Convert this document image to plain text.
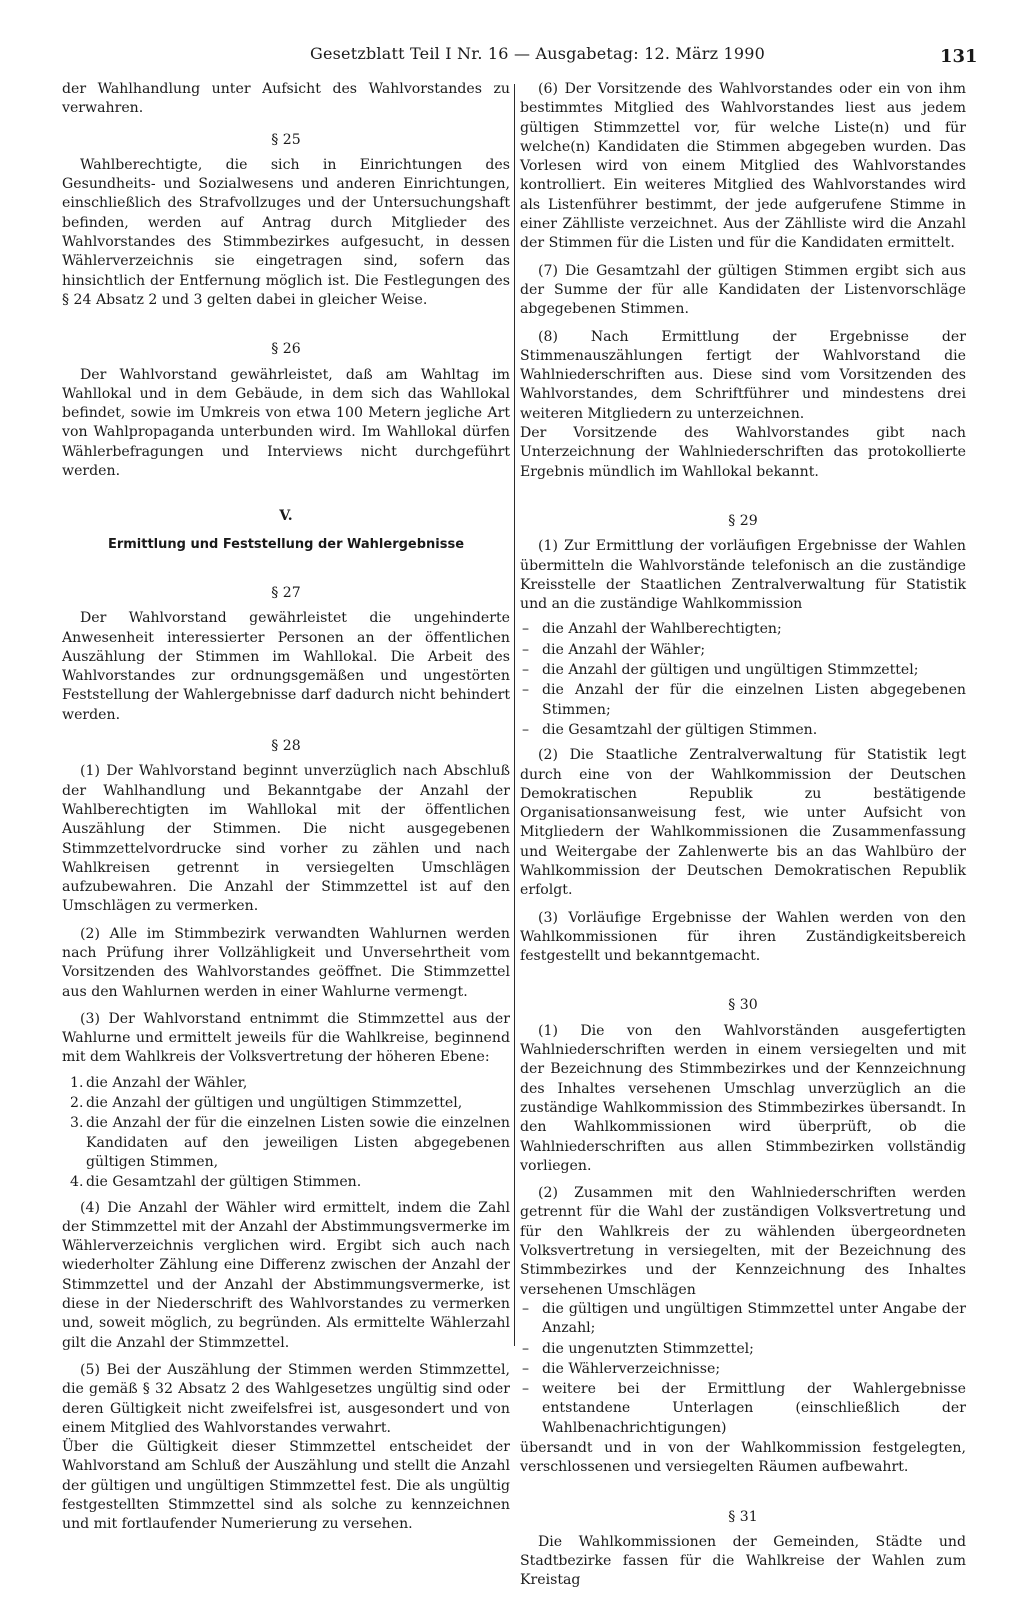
Gesetzblatt Teil I Nr. 16 — Ausgabetag: 12. März 1990	131

der Wahlhandlung unter Aufsicht des Wahlvorstandes zu verwahren.

§ 25

Wahlberechtigte, die sich in Einrichtungen des Gesundheits- und Sozialwesens und anderen Einrichtungen, einschließlich des Strafvollzuges und der Untersuchungshaft befinden, werden auf Antrag durch Mitglieder des Wahlvorstandes des Stimmbezirkes aufgesucht, in dessen Wählerverzeichnis sie eingetragen sind, sofern das hinsichtlich der Entfernung möglich ist. Die Festlegungen des § 24 Absatz 2 und 3 gelten dabei in gleicher Weise.

§ 26

Der Wahlvorstand gewährleistet, daß am Wahltag im Wahllokal und in dem Gebäude, in dem sich das Wahllokal befindet, sowie im Umkreis von etwa 100 Metern jegliche Art von Wahlpropaganda unterbunden wird. Im Wahllokal dürfen Wählerbefragungen und Interviews nicht durchgeführt werden.

V.
Ermittlung und Feststellung der Wahlergebnisse
§ 27

Der Wahlvorstand gewährleistet die ungehinderte Anwesenheit interessierter Personen an der öffentlichen Auszählung der Stimmen im Wahllokal. Die Arbeit des Wahlvorstandes zur ordnungsgemäßen und ungestörten Feststellung der Wahlergebnisse darf dadurch nicht behindert werden.

§ 28

(1) Der Wahlvorstand beginnt unverzüglich nach Abschluß der Wahlhandlung und Bekanntgabe der Anzahl der Wahlberechtigten im Wahllokal mit der öffentlichen Auszählung der Stimmen. Die nicht ausgegebenen Stimmzettelvordrucke sind vorher zu zählen und nach Wahlkreisen getrennt in versiegelten Umschlägen aufzubewahren. Die Anzahl der Stimmzettel ist auf den Umschlägen zu vermerken.

(2) Alle im Stimmbezirk verwandten Wahlurnen werden nach Prüfung ihrer Vollzähligkeit und Unversehrtheit vom Vorsitzenden des Wahlvorstandes geöffnet. Die Stimmzettel aus den Wahlurnen werden in einer Wahlurne vermengt.

(3) Der Wahlvorstand entnimmt die Stimmzettel aus der Wahlurne und ermittelt jeweils für die Wahlkreise, beginnend mit dem Wahlkreis der Volksvertretung der höheren Ebene:

1. die Anzahl der Wähler,
2. die Anzahl der gültigen und ungültigen Stimmzettel,
3. die Anzahl der für die einzelnen Listen sowie die einzelnen Kandidaten auf den jeweiligen Listen abgegebenen gültigen Stimmen,
4. die Gesamtzahl der gültigen Stimmen.

(4) Die Anzahl der Wähler wird ermittelt, indem die Zahl der Stimmzettel mit der Anzahl der Abstimmungsvermerke im Wählerverzeichnis verglichen wird. Ergibt sich auch nach wiederholter Zählung eine Differenz zwischen der Anzahl der Stimmzettel und der Anzahl der Abstimmungsvermerke, ist diese in der Niederschrift des Wahlvorstandes zu vermerken und, soweit möglich, zu begründen. Als ermittelte Wählerzahl gilt die Anzahl der Stimmzettel.

(5) Bei der Auszählung der Stimmen werden Stimmzettel, die gemäß § 32 Absatz 2 des Wahlgesetzes ungültig sind oder deren Gültigkeit nicht zweifelsfrei ist, ausgesondert und von einem Mitglied des Wahlvorstandes verwahrt.

Über die Gültigkeit dieser Stimmzettel entscheidet der Wahlvorstand am Schluß der Auszählung und stellt die Anzahl der gültigen und ungültigen Stimmzettel fest. Die als ungültig festgestellten Stimmzettel sind als solche zu kennzeichnen und mit fortlaufender Numerierung zu versehen.

(6) Der Vorsitzende des Wahlvorstandes oder ein von ihm bestimmtes Mitglied des Wahlvorstandes liest aus jedem gültigen Stimmzettel vor, für welche Liste(n) und für welche(n) Kandidaten die Stimmen abgegeben wurden. Das Vorlesen wird von einem Mitglied des Wahlvorstandes kontrolliert. Ein weiteres Mitglied des Wahlvorstandes wird als Listenführer bestimmt, der jede aufgerufene Stimme in einer Zählliste verzeichnet. Aus der Zählliste wird die Anzahl der Stimmen für die Listen und für die Kandidaten ermittelt.

(7) Die Gesamtzahl der gültigen Stimmen ergibt sich aus der Summe der für alle Kandidaten der Listenvorschläge abgegebenen Stimmen.

(8) Nach Ermittlung der Ergebnisse der Stimmenauszählungen fertigt der Wahlvorstand die Wahlniederschriften aus. Diese sind vom Vorsitzenden des Wahlvorstandes, dem Schriftführer und mindestens drei weiteren Mitgliedern zu unterzeichnen.

Der Vorsitzende des Wahlvorstandes gibt nach Unterzeichnung der Wahlniederschriften das protokollierte Ergebnis mündlich im Wahllokal bekannt.

§ 29

(1) Zur Ermittlung der vorläufigen Ergebnisse der Wahlen übermitteln die Wahlvorstände telefonisch an die zuständige Kreisstelle der Staatlichen Zentralverwaltung für Statistik und an die zuständige Wahlkommission

– die Anzahl der Wahlberechtigten;
– die Anzahl der Wähler;
– die Anzahl der gültigen und ungültigen Stimmzettel;
– die Anzahl der für die einzelnen Listen abgegebenen Stimmen;
– die Gesamtzahl der gültigen Stimmen.

(2) Die Staatliche Zentralverwaltung für Statistik legt durch eine von der Wahlkommission der Deutschen Demokratischen Republik zu bestätigende Organisationsanweisung fest, wie unter Aufsicht von Mitgliedern der Wahlkommissionen die Zusammenfassung und Weitergabe der Zahlenwerte bis an das Wahlbüro der Wahlkommission der Deutschen Demokratischen Republik erfolgt.

(3) Vorläufige Ergebnisse der Wahlen werden von den Wahlkommissionen für ihren Zuständigkeitsbereich festgestellt und bekanntgemacht.

§ 30

(1) Die von den Wahlvorständen ausgefertigten Wahlniederschriften werden in einem versiegelten und mit der Bezeichnung des Stimmbezirkes und der Kennzeichnung des Inhaltes versehenen Umschlag unverzüglich an die zuständige Wahlkommission des Stimmbezirkes übersandt. In den Wahlkommissionen wird überprüft, ob die Wahlniederschriften aus allen Stimmbezirken vollständig vorliegen.

(2) Zusammen mit den Wahlniederschriften werden getrennt für die Wahl der zuständigen Volksvertretung und für den Wahlkreis der zu wählenden übergeordneten Volksvertretung in versiegelten, mit der Bezeichnung des Stimmbezirkes und der Kennzeichnung des Inhaltes versehenen Umschlägen

– die gültigen und ungültigen Stimmzettel unter Angabe der Anzahl;
– die ungenutzten Stimmzettel;
– die Wählerverzeichnisse;
– weitere bei der Ermittlung der Wahlergebnisse entstandene Unterlagen (einschließlich der Wahlbenachrichtigungen)

übersandt und in von der Wahlkommission festgelegten, verschlossenen und versiegelten Räumen aufbewahrt.

§ 31

Die Wahlkommissionen der Gemeinden, Städte und Stadtbezirke fassen für die Wahlkreise der Wahlen zum Kreistag
